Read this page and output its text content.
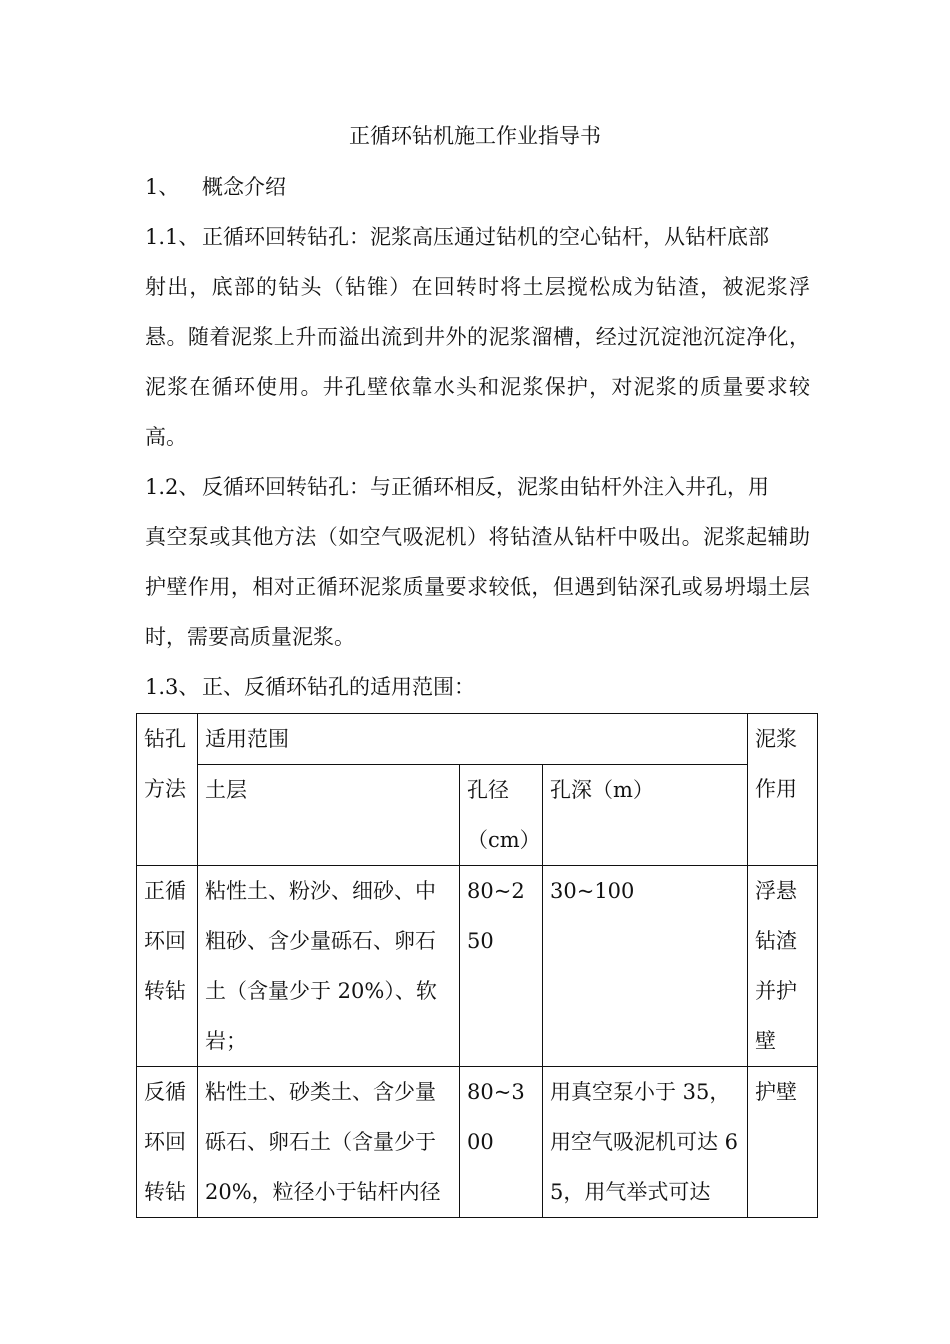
正循环钻机施工作业指导书
1、 概念介绍
1.1、 正循环回转钻孔：泥浆高压通过钻机的空心钻杆，从钻杆底部
射出，底部的钻头（钻锥）在回转时将土层搅松成为钻渣，被泥浆浮悬。随着泥浆上升而溢出流到井外的泥浆溜槽，经过沉淀池沉淀净化，泥浆在循环使用。井孔壁依靠水头和泥浆保护，对泥浆的质量要求较高。
1.2、 反循环回转钻孔：与正循环相反，泥浆由钻杆外注入井孔，用
真空泵或其他方法（如空气吸泥机）将钻渣从钻杆中吸出。泥浆起辅助护壁作用，相对正循环泥浆质量要求较低，但遇到钻深孔或易坍塌土层时，需要高质量泥浆。
1.3、 正、反循环钻孔的适用范围：
钻孔方法	适用范围			泥浆作用
	土层	孔径（cm）	孔深（m）	
正循环回转钻	粘性土、粉沙、细砂、中粗砂、含少量砾石、卵石土（含量少于 20%）、软岩；	80~250	30~100	浮悬钻渣并护壁
反循环回转钻	粘性土、砂类土、含少量砾石、卵石土（含量少于 20%，粒径小于钻杆内径	80~300	用真空泵小于 35，用空气吸泥机可达 65，用气举式可达	护壁
